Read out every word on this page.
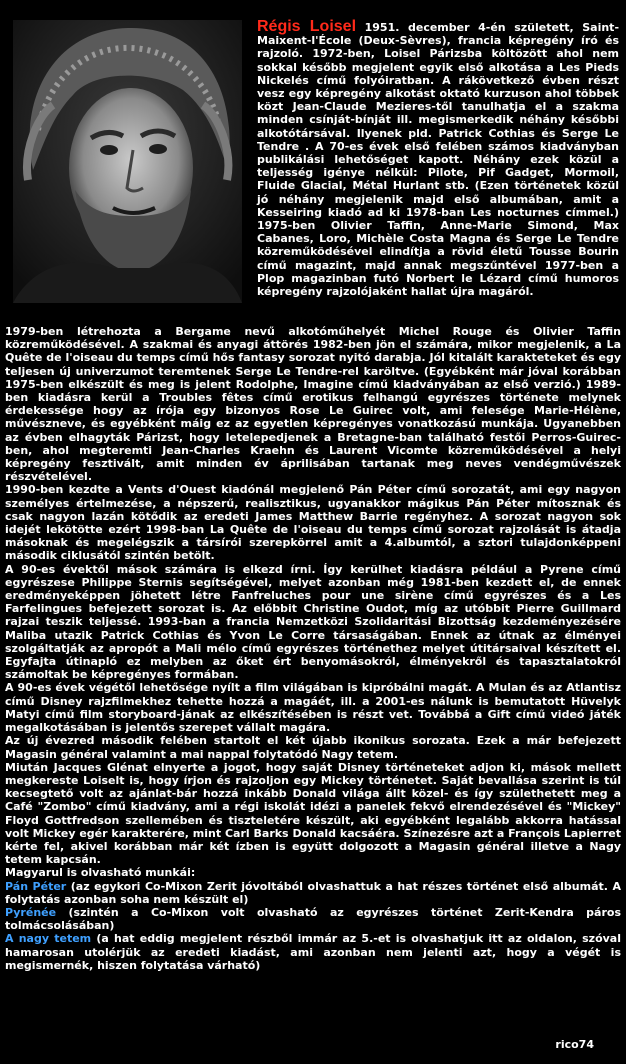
Régis Loisel 1951. december 4-én született, Saint-Maixent-l'École (Deux-Sèvres), francia képregény író és rajzoló. 1972-ben, Loisel Párizsba költözött ahol nem sokkal később megjelent egyik első alkotása a Les Pieds Nickelés című folyóiratban. A rákövetkező évben részt vesz egy képregény alkotást oktató kurzuson ahol többek közt Jean-Claude Mezieres-től tanulhatja el a szakma minden csínját-bínját ill. megismerkedik néhány későbbi alkotótársával. Ilyenek pld. Patrick Cothias és Serge Le Tendre . A 70-es évek első felében számos kiadványban publikálási lehetőséget kapott. Néhány ezek közül a teljesség igénye nélkül: Pilote, Pif Gadget, Mormoil, Fluide Glacial, Métal Hurlant stb. (Ezen történetek közül jó néhány megjelenik majd első albumában, amit a Kesseiring kiadó ad ki 1978-ban Les nocturnes címmel.) 1975-ben Olivier Taffin, Anne-Marie Simond, Max Cabanes, Loro, Michèle Costa Magna és Serge Le Tendre közreműködésével elindítja a rövid életű Tousse Bourin című magazint, majd annak megszűntével 1977-ben a Plop magazinban futó Norbert le Lézard című humoros képregény rajzolójaként hallat újra magáról.

1979-ben létrehozta a Bergame nevű alkotóműhelyét Michel Rouge és Olivier Taffin közreműködésével. A szakmai és anyagi áttörés 1982-ben jön el számára, mikor megjelenik, a La Quête de l'oiseau du temps című hős fantasy sorozat nyitó darabja. Jól kitalált karakteteket és egy teljesen új univerzumot teremtenek Serge Le Tendre-rel karöltve. (Egyébként már jóval korábban 1975-ben elkészült és meg is jelent Rodolphe, Imagine című kiadványában az első verzió.) 1989-ben kiadásra kerül a Troubles fêtes című erotikus felhangú egyrészes története melynek érdekessége hogy az írója egy bizonyos Rose Le Guirec volt, ami felesége Marie-Hélène, művészneve, és egyébként máig ez az egyetlen képregényes vonatkozású munkája. Ugyanebben az évben elhagyták Párizst, hogy letelepedjenek a Bretagne-ban található festői Perros-Guirec-ben, ahol megteremti Jean-Charles Kraehn és Laurent Vicomte közreműködésével a helyi képregény fesztivált, amit minden év áprilisában tartanak meg neves vendégművészek részvételével.

1990-ben kezdte a Vents d'Ouest kiadónál megjelenő Pán Péter című sorozatát, ami egy nagyon személyes értelmezése, a népszerű, realisztikus, ugyanakkor mágikus Pán Péter mítosznak és csak nagyon lazán kötődik az eredeti James Matthew Barrie regényhez. A sorozat nagyon sok idejét lekötötte ezért 1998-ban La Quête de l'oiseau du temps című sorozat rajzolását is átadja másoknak és megelégszik a társírói szerepkörrel amit a 4.albumtól, a sztori tulajdonképpeni második ciklusától szintén betölt.

A 90-es évektől mások számára is elkezd írni. Így kerülhet kiadásra például a Pyrene című egyrészese Philippe Sternis segítségével, melyet azonban még 1981-ben kezdett el, de ennek eredményeképpen jöhetett létre Fanfreluches pour une sirène című egyrészes és a Les Farfelingues befejezett sorozat is. Az előbbit Christine Oudot, míg az utóbbit Pierre Guillmard rajzai teszik teljessé. 1993-ban a francia Nemzetközi Szolidaritási Bizottság kezdeményezésére Maliba utazik Patrick Cothias és Yvon Le Corre társaságában. Ennek az útnak az élményei szolgáltatják az apropót a Mali mélo című egyrészes történethez melyet útitársaival készített el. Egyfajta útinapló ez melyben az őket ért benyomásokról, élményekről és tapasztalatokról számoltak be képregényes formában.

A 90-es évek végétől lehetősége nyílt a film világában is kipróbálni magát. A Mulan és az Atlantisz című Disney rajzfilmekhez tehette hozzá a magáét, ill. a 2001-es nálunk is bemutatott Hüvelyk Matyi című film storyboard-jának az elkészítésében is részt vet. Továbbá a Gift című videó játék megalkotásában is jelentős szerepet vállalt magára.

Az új évezred második felében startolt el két újabb ikonikus sorozata. Ezek a már befejezett Magasin général valamint a mai nappal folytatódó Nagy tetem.

Miután Jacques Glénat elnyerte a jogot, hogy saját Disney történeteket adjon ki, mások mellett megkereste Loiselt is, hogy írjon és rajzoljon egy Mickey történetet. Saját bevallása szerint is túl kecsegtető volt az ajánlat-bár hozzá inkább Donald világa állt közel- és így születhetett meg a Café "Zombo" című kiadvány, ami a régi iskolát idézi a panelek fekvő elrendezésével és "Mickey" Floyd Gottfredson szellemében és tiszteletére készült, aki egyébként legalább akkorra hatással volt Mickey egér karakterére, mint Carl Barks Donald kacsáéra. Színezésre azt a François Lapierret kérte fel, akivel korábban már két ízben is együtt dolgozott a Magasin général illetve a Nagy tetem kapcsán.

Magyarul is olvasható munkái:

Pán Péter (az egykori Co-Mixon Zerit jóvoltából olvashattuk a hat részes történet első albumát. A folytatás azonban soha nem készült el)

Pyrénée (szintén a Co-Mixon volt olvasható az egyrészes történet Zerit-Kendra páros tolmácsolásában)

A nagy tetem (a hat eddig megjelent részből immár az 5.-et is olvashatjuk itt az oldalon, szóval hamarosan utolérjük az eredeti kiadást, ami azonban nem jelenti azt, hogy a végét is megismernék, hiszen folytatása várható)

rico74
